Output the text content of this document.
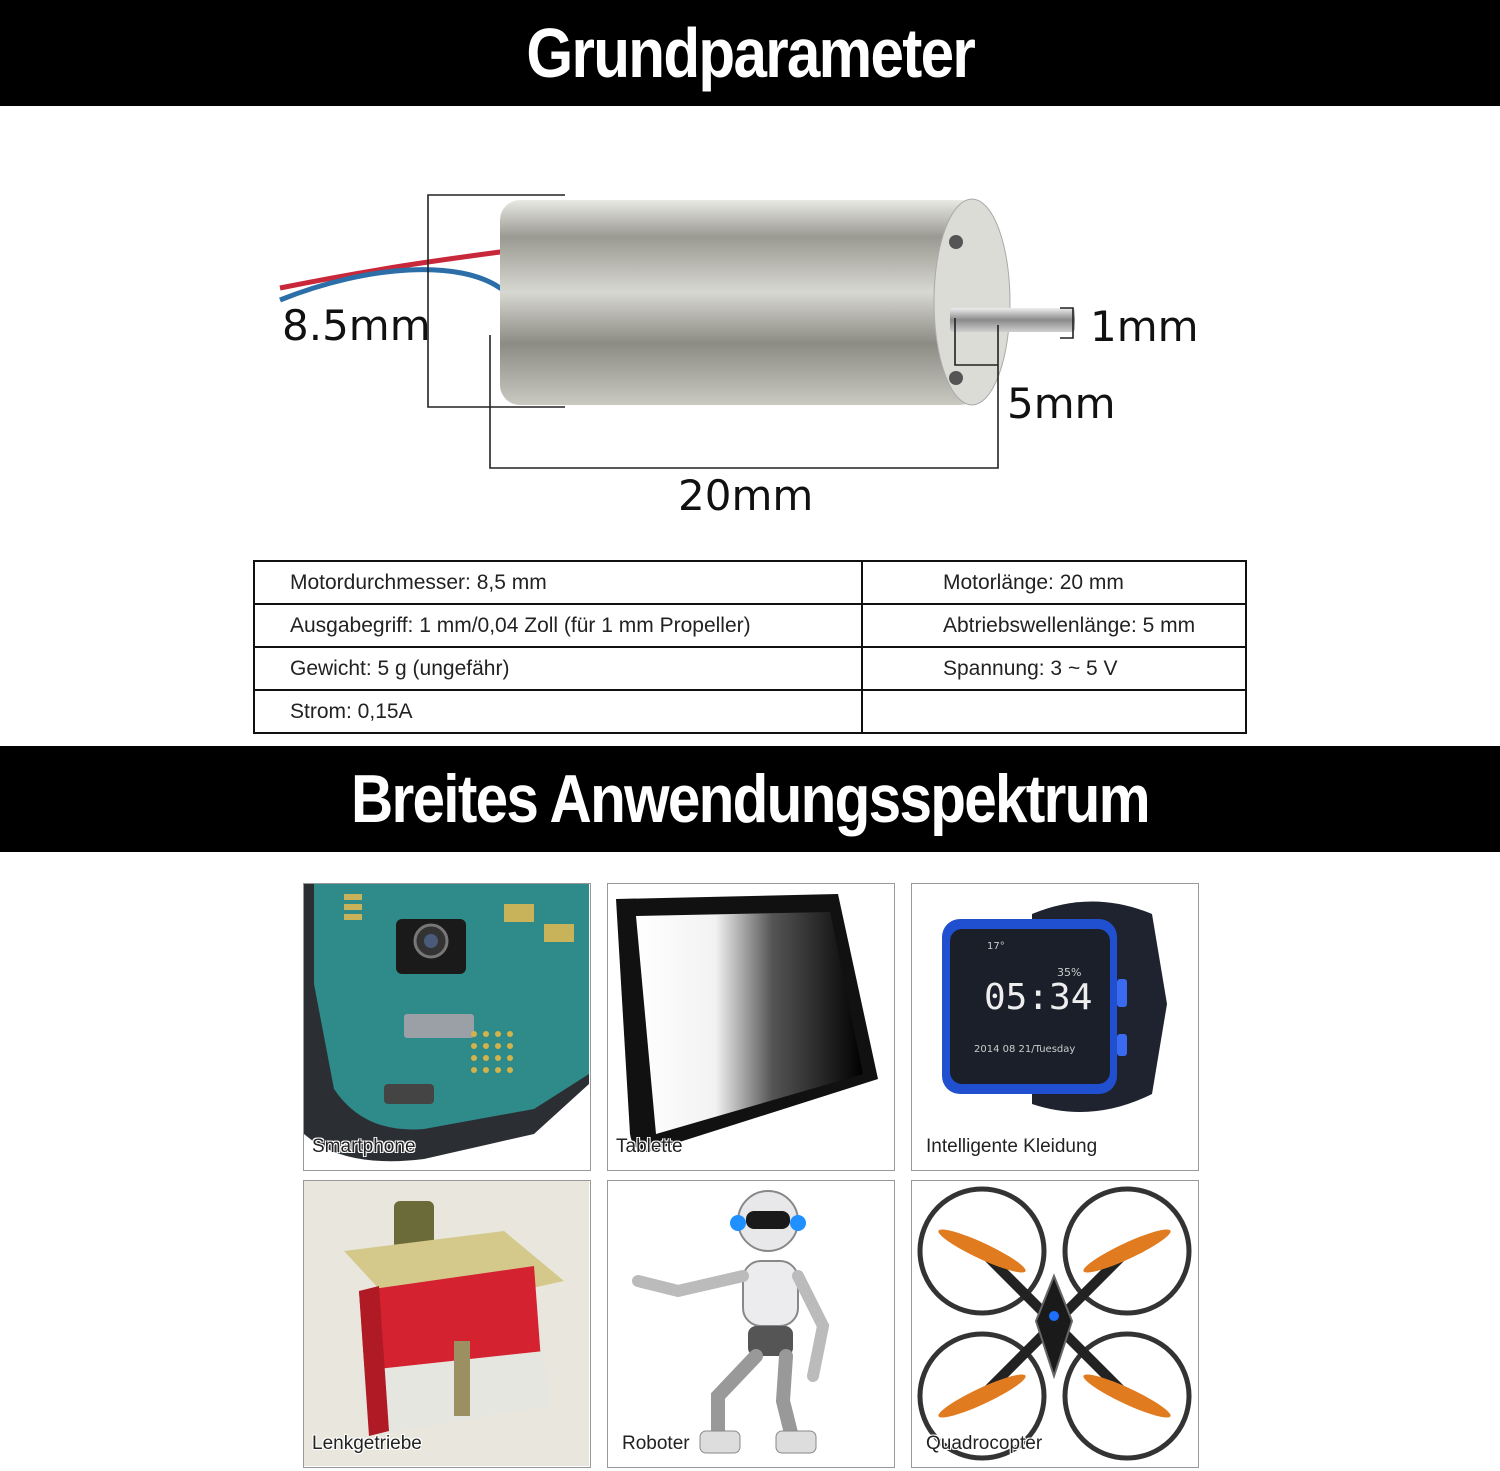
Grundparameter
8.5mm	1mm
5mm
20mm
Motordurchmesser: 8,5 mm	Motorlänge: 20 mm
Ausgabegriff: 1 mm/0,04 Zoll (für 1 mm Propeller)	Abtriebswellenlänge: 5 mm
Gewicht: 5 g (ungefähr)	Spannung: 3 ~ 5 V
Strom: 0,15A	
Breites Anwendungsspektrum
Smartphone	Tablette
17°
35%
05:34
2014 08 21/Tuesday
Intelligente Kleidung
Lenkgetriebe	Roboter	Quadrocopter
